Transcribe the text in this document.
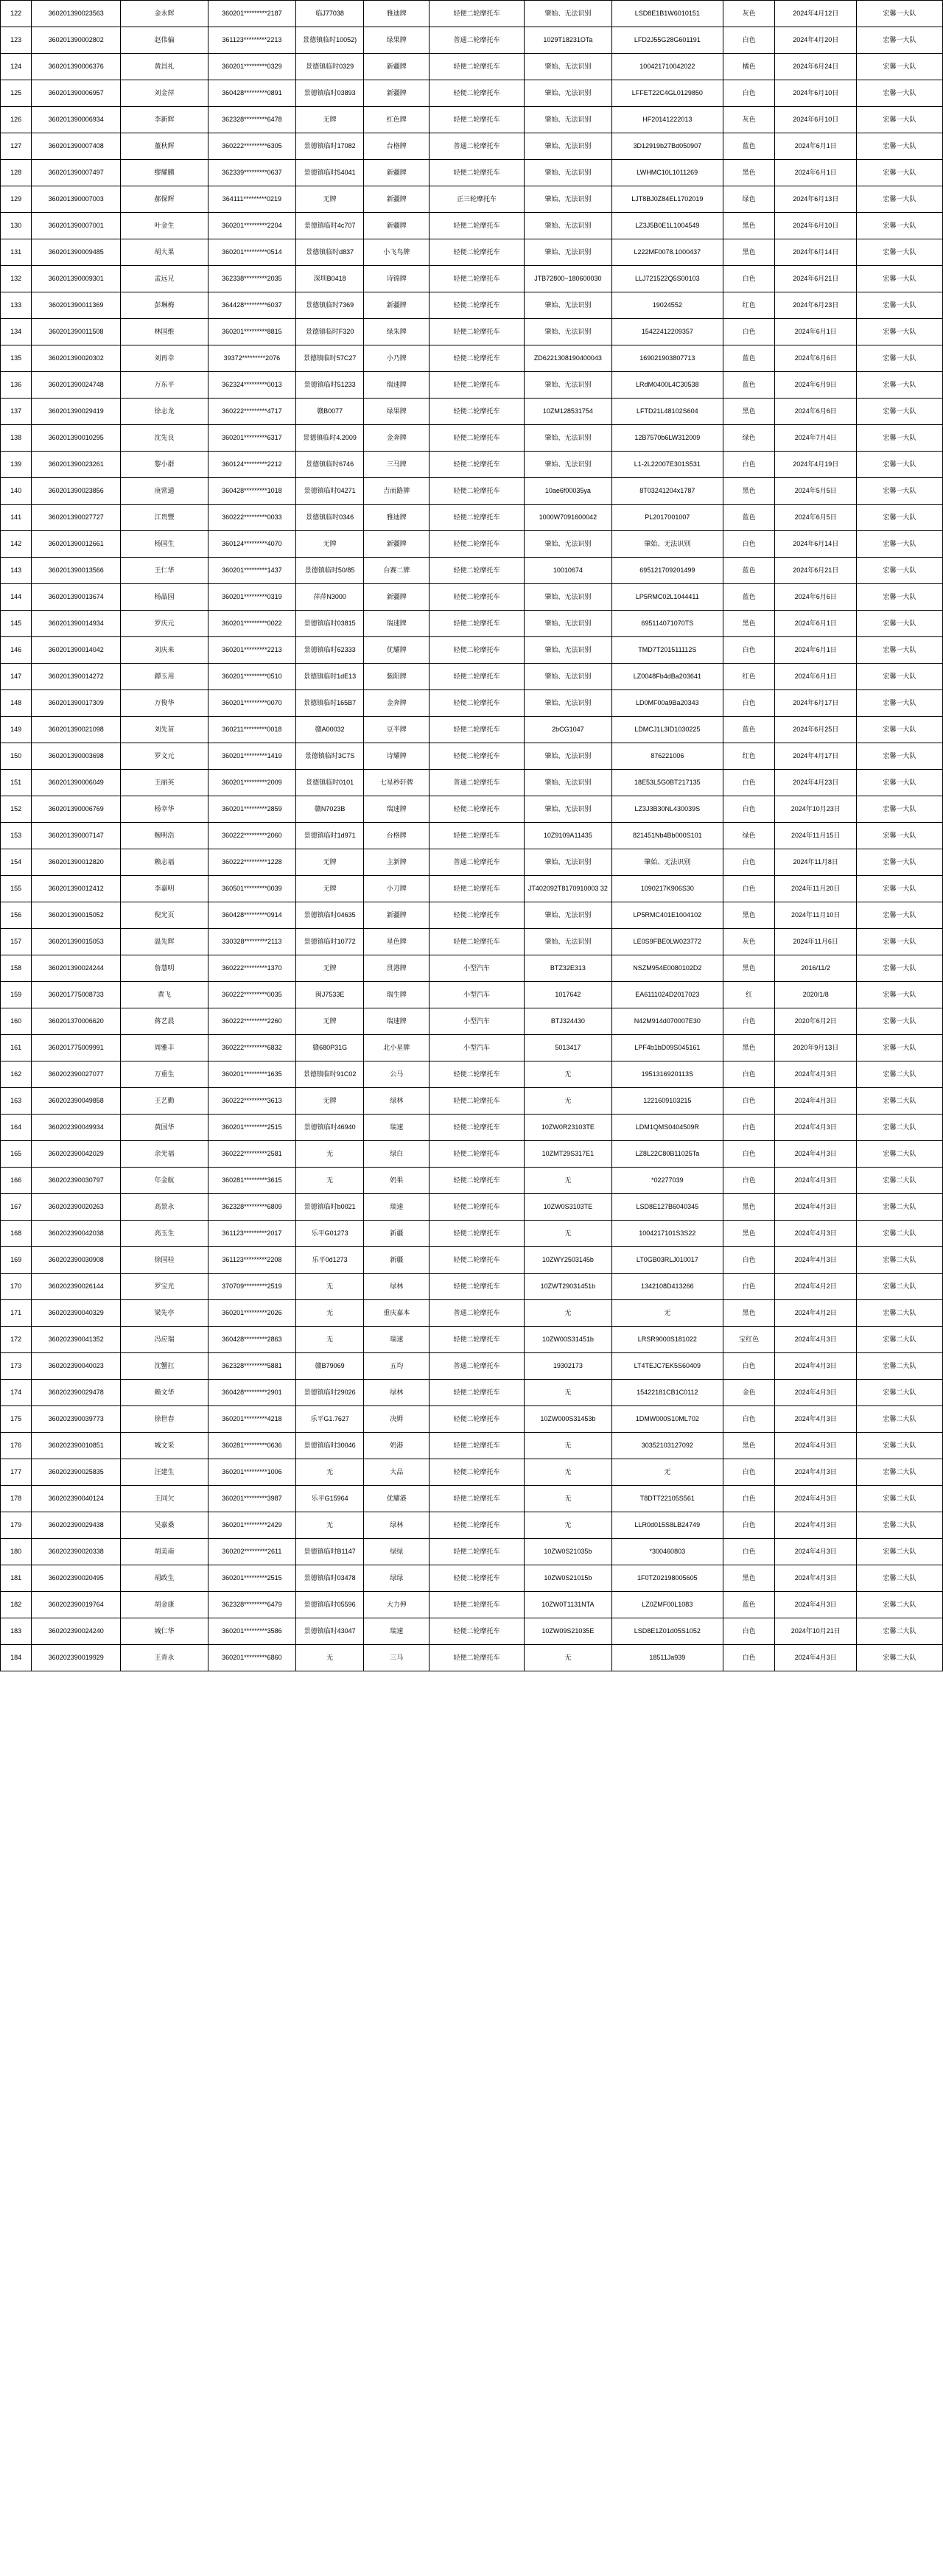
122	360201390023563	金永辉	360201*********2187	临J77038	雅迪牌	轻便二轮摩托车	肇始、无法识别	LSD8E1B1W6010151	灰色	2024年4月12日	宏馨一大队
123	360201390002802	赵伟偏	361123*********2213	景德镇临时10052)	绿果牌	普通二轮摩托车	1029T18231OTa	LFD2J55G28G601191	白色	2024年4月20日	宏馨一大队
124	360201390006376	黄昌礼	360201*********0329	景德镇临时0329	新疆牌	轻便二轮摩托车	肇始、无法识别	100421710042022	橘色	2024年6月24日	宏馨一大队
125	360201390006957	刘金萍	360428*********0891	景德镇临时03893	新疆牌	轻便二轮摩托车	肇始、无法识别	LFFET22C4GL0129850	白色	2024年6月10日	宏馨一大队
126	360201390006934	李新辉	362328*********6478	无牌	红色牌	轻便二轮摩托车	肇始、无法识别	HF20141222013	灰色	2024年6月10日	宏馨一大队
127	360201390007408	董秋辉	360222*********6305	景德镇临时17082	台格牌	普通二轮摩托车	肇始、无法识别	3D12919b27Bd050907	蓝色	2024年6月1日	宏馨一大队
128	360201390007497	缪耀鹏	362339*********0637	景德镇临时54041	新疆牌	轻便二轮摩托车	肇始、无法识别	LWHMC10L1011269	黑色	2024年6月1日	宏馨一大队
129	360201390007003	郝保辉	364111*********0219	无牌	新疆牌	正三轮摩托车	肇始、无法识别	LJT8BJ0Z84EL1702019	绿色	2024年6月13日	宏馨一大队
130	360201390007001	叶金生	360201*********2204	景德镇临时4c707	新疆牌	轻便二轮摩托车	肇始、无法识别	LZ3J5B0E1L1004549	黑色	2024年6月10日	宏馨一大队
131	360201390009485	胡大果	360201*********0514	景德镇临时d837	小飞鸟牌	轻便二轮摩托车	肇始、无法识别	L222MF0078.1000437	黑色	2024年6月14日	宏馨一大队
132	360201390009301	孟远兄	362338*********2035	深圳B0418	诗锦牌	轻便二轮摩托车	JTB72800~180600030	LLJ721522Q5S00103	白色	2024年6月21日	宏馨一大队
133	360201390011369	彭琳梅	364428*********6037	景德镇临时7369	新疆牌	轻便二轮摩托车	肇始、无法识别	19024552	红色	2024年6月23日	宏馨一大队
134	360201390011508	林国维	360201*********8815	景德镇临时F320	绿朱牌	轻便二轮摩托车	肇始、无法识别	15422412209357	白色	2024年6月1日	宏馨一大队
135	360201390020302	刘再幸	39372*********2076	景德镇临时57C27	小乃牌	轻便二轮摩托车	ZD6221308190400043	169021903807713	蓝色	2024年6月6日	宏馨一大队
136	360201390024748	万东平	362324*********0013	景德镇临时51233	瑞速牌	轻便二轮摩托车	肇始、无法识别	LRdM0400L4C30538	蓝色	2024年6月9日	宏馨一大队
137	360201390029419	徐志龙	360222*********4717	赣B0077	绿果牌	轻便二轮摩托车	10ZM128531754	LFTD21L48102S604	黑色	2024年6月6日	宏馨一大队
138	360201390010295	沈先良	360201*********6317	景德镇临时4.2009	金奔牌	轻便二轮摩托车	肇始、无法识别	12B7570b6LW312009	绿色	2024年7月4日	宏馨一大队
139	360201390023261	黎小群	360124*********2212	景德镇临时6746	三马牌	轻便二轮摩托车	肇始、无法识别	L1-2L22007E301S531	白色	2024年4月19日	宏馨一大队
140	360201390023856	庚常通	360428*********1018	景德镇临时04271	吉而路牌	轻便二轮摩托车	10ae6f00035ya	8T03241204x1787	黑色	2024年5月5日	宏馨一大队
141	360201390027727	江贵豐	360222*********0033	景德镇临时0346	雅迪牌	轻便二轮摩托车	1000W7091600042	PL2017001007	蓝色	2024年6月5日	宏馨一大队
142	360201390012661	杨国生	360124*********4070	无牌	新疆牌	轻便二轮摩托车	肇始、无法识别	肇始、无法识别	白色	2024年6月14日	宏馨一大队
143	360201390013566	王仁华	360201*********1437	景德镇临时50/85	台赛二牌	轻便二轮摩托车	10010674	695121709201499	蓝色	2024年6月21日	宏馨一大队
144	360201390013674	杨晶园	360201*********0319	萍萍N3000	新疆牌	轻便二轮摩托车	肇始、无法识别	LP5RMC02L1044411	蓝色	2024年6月6日	宏馨一大队
145	360201390014934	罗庆元	360201*********0022	景德镇临时03815	瑞速牌	轻便二轮摩托车	肇始、无法识别	695114071070TS	黑色	2024年6月1日	宏馨一大队
146	360201390014042	刘庆来	360201*********2213	景德镇临时62333	优耀牌	轻便二轮摩托车	肇始、无法识别	TMD7T201511112S	白色	2024年6月1日	宏馨一大队
147	360201390014272	鐔玉用	360201*********0510	景德镇临时1dE13	紫阳牌	轻便二轮摩托车	肇始、无法识别	LZ0048Fb4dBa203641	红色	2024年6月1日	宏馨一大队
148	360201390017309	万俊华	360201*********0070	景德镇临时165B7	金奔牌	轻便二轮摩托车	肇始、无法识别	LD0MF00a9Ba20343	白色	2024年6月17日	宏馨一大队
149	360201390021098	刘先苗	360211*********0018	赣A00032	豆半牌	轻便二轮摩托车	2bCG1047	LDMCJ1L3ID1030225	蓝色	2024年6月25日	宏馨一大队
150	360201390003698	罗文元	360201*********1419	景德镇临时3C7S	诗耀牌	轻便二轮摩托车	肇始、无法识别	876221006	红色	2024年4月17日	宏馨一大队
151	360201390006049	王丽英	360201*********2009	景德镇临时0101	七星秒轩牌	普通二轮摩托车	肇始、无法识别	18E53L5G0BT217135	白色	2024年4月23日	宏馨一大队
152	360201390006769	杨幸华	360201*********2859	赣N7023B	瑞速牌	轻便二轮摩托车	肇始、无法识别	LZ3J3B30NL430039S	白色	2024年10月23日	宏馨一大队
153	360201390007147	鲍明浩	360222*********2060	景德镇临时1d971	台格牌	轻便二轮摩托车	10Z9109A11435	821451Nb4Bb000S101	绿色	2024年11月15日	宏馨一大队
154	360201390012820	赖志福	360222*********1228	无牌	主新牌	普通二轮摩托车	肇始、无法识别	肇始、无法识别	白色	2024年11月8日	宏馨一大队
155	360201390012412	李嘉明	360501*********0039	无牌	小刀牌	轻便二轮摩托车	JT402092T8170910003 32	1090217K906S30	白色	2024年11月20日	宏馨一大队
156	360201390015052	倪光页	360428*********0914	景德镇临时04635	新疆牌	轻便二轮摩托车	肇始、无法识别	LP5RMC401E1004102	黑色	2024年11月10日	宏馨一大队
157	360201390015053	温先辉	330328*********2113	景德镇临时10772	星色牌	轻便二轮摩托车	肇始、无法识别	LE0S9FBE0LW023772	灰色	2024年11月6日	宏馨一大队
158	360201390024244	詹慧明	360222*********1370	无牌	贯港牌	小型汽车	BTZ32E313	NSZM954E0080102D2	黑色	2016/11/2	宏馨一大队
159	360201775008733	黄飞	360222*********0035	闽J7533E	瑞生牌	小型汽车	1017642	EA6111024D2017023	红	2020/1/8	宏馨一大队
160	360201370006620	蒋艺晨	360222*********2260	无牌	瑞速牌	小型汽车	BTJ324430	N42M914d070007E30	白色	2020年6月2日	宏馨一大队
161	360201775009991	周雅丰	360222*********6832	赣680P31G	北小星牌	小型汽车	5013417	LPF4b1bD09S045161	黑色	2020年9月13日	宏馨一大队
162	360202390027077	万重生	360201*********1635	景德镇临时91C02	公马	轻便二轮摩托车	无	1951316920113S	白色	2024年4月3日	宏馨二大队
163	360202390049858	王艺勤	360222*********3613	无牌	绿林	轻便二轮摩托车	无	1221609103215	白色	2024年4月3日	宏馨二大队
164	360202390049934	黄国华	360201*********2515	景德镇临时46940	瑞速	轻便二轮摩托车	10ZW0R23103TE	LDM1QMS0404509R	白色	2024年4月3日	宏馨二大队
165	360202390042029	余光福	360222*********2581	无	绿白	轻便二轮摩托车	10ZMT29S317E1	LZ8L22C80B11025Ta	白色	2024年4月3日	宏馨二大队
166	360202390030797	年金航	360281*********3615	无	奶果	轻便二轮摩托车	无	*02277039	白色	2024年4月3日	宏馨二大队
167	360202390020263	高景永	362328*********6809	景德镇临时b0021	瑞速	轻便二轮摩托车	10ZW0S3103TE	LSD8E127B6040345	黑色	2024年4月3日	宏馨二大队
168	360202390042038	高玉生	361123*********2017	乐平G01273	新疆	轻便二轮摩托车	无	1004217101S3S22	黑色	2024年4月3日	宏馨二大队
169	360202390030908	徐国桂	361123*********2208	乐平0d1273	新疆	轻便二轮摩托车	10ZWY2503145b	LT0GB03RLJ010017	白色	2024年4月3日	宏馨二大队
170	360202390026144	罗宝光	370709*********2519	无	绿林	轻便二轮摩托车	10ZWT29031451b	1342108D413266	白色	2024年4月2日	宏馨二大队
171	360202390040329	梁先亭	360201*********2026	无	重庆嘉本	普通二轮摩托车	无	无	黑色	2024年4月2日	宏馨二大队
172	360202390041352	冯应瑞	360428*********2863	无	瑞速	轻便二轮摩托车	10ZW00S31451b	LRSR9000S181022	宝红色	2024年4月3日	宏馨二大队
173	360202390040023	沈蟹扛	362328*********5881	赣B79069	五均	普通二轮摩托车	19302173	LT4TEJC7EK5S60409	白色	2024年4月3日	宏馨二大队
174	360202390029478	赖文华	360428*********2901	景德镇临时29026	绿林	轻便二轮摩托车	无	15422181CB1C0112	金色	2024年4月3日	宏馨二大队
175	360202390039773	徐世春	360201*********4218	乐平G1.7627	决姆	轻便二轮摩托车	10ZW000S31453b	1DMW000S10ML702	白色	2024年4月3日	宏馨二大队
176	360202390010851	城文采	360281*********0636	景德镇临时30046	奶港	轻便二轮摩托车	无	30352103127092	黑色	2024年4月3日	宏馨二大队
177	360202390025835	汪建生	360201*********1006	无	大品	轻便二轮摩托车	无	无	白色	2024年4月3日	宏馨二大队
178	360202390040124	王同欠	360201*********3987	乐平G15964	优耀港	轻便二轮摩托车	无	T8DTT22105S561	白色	2024年4月3日	宏馨二大队
179	360202390029438	吴嘉桑	360201*********2429	无	绿林	轻便二轮摩托车	无	LLR0d015S8LB24749	白色	2024年4月3日	宏馨二大队
180	360202390020338	胡美南	360202*********2611	景德镇临时B1147	绿绿	轻便二轮摩托车	10ZW0S21035b	*300460803	白色	2024年4月3日	宏馨二大队
181	360202390020495	胡政生	360201*********2515	景德镇临时03478	绿绿	轻便二轮摩托车	10ZW0S21015b	1F0TZ02198005605	黑色	2024年4月3日	宏馨二大队
182	360202390019764	胡金康	362328*********6479	景德镇临时05596	大力伸	轻便二轮摩托车	10ZW0T1131NTA	LZ0ZMF00L1083	蓝色	2024年4月3日	宏馨二大队
183	360202390024240	城仁华	360201*********3586	景德镇临时43047	瑞速	轻便二轮摩托车	10ZW09S21035E	LSD8E1Z01d05S1052	白色	2024年10月21日	宏馨二大队
184	360202390019929	王青永	360201*********6860	无	三马	轻便二轮摩托车	无	18511Ja939	白色	2024年4月3日	宏馨二大队
